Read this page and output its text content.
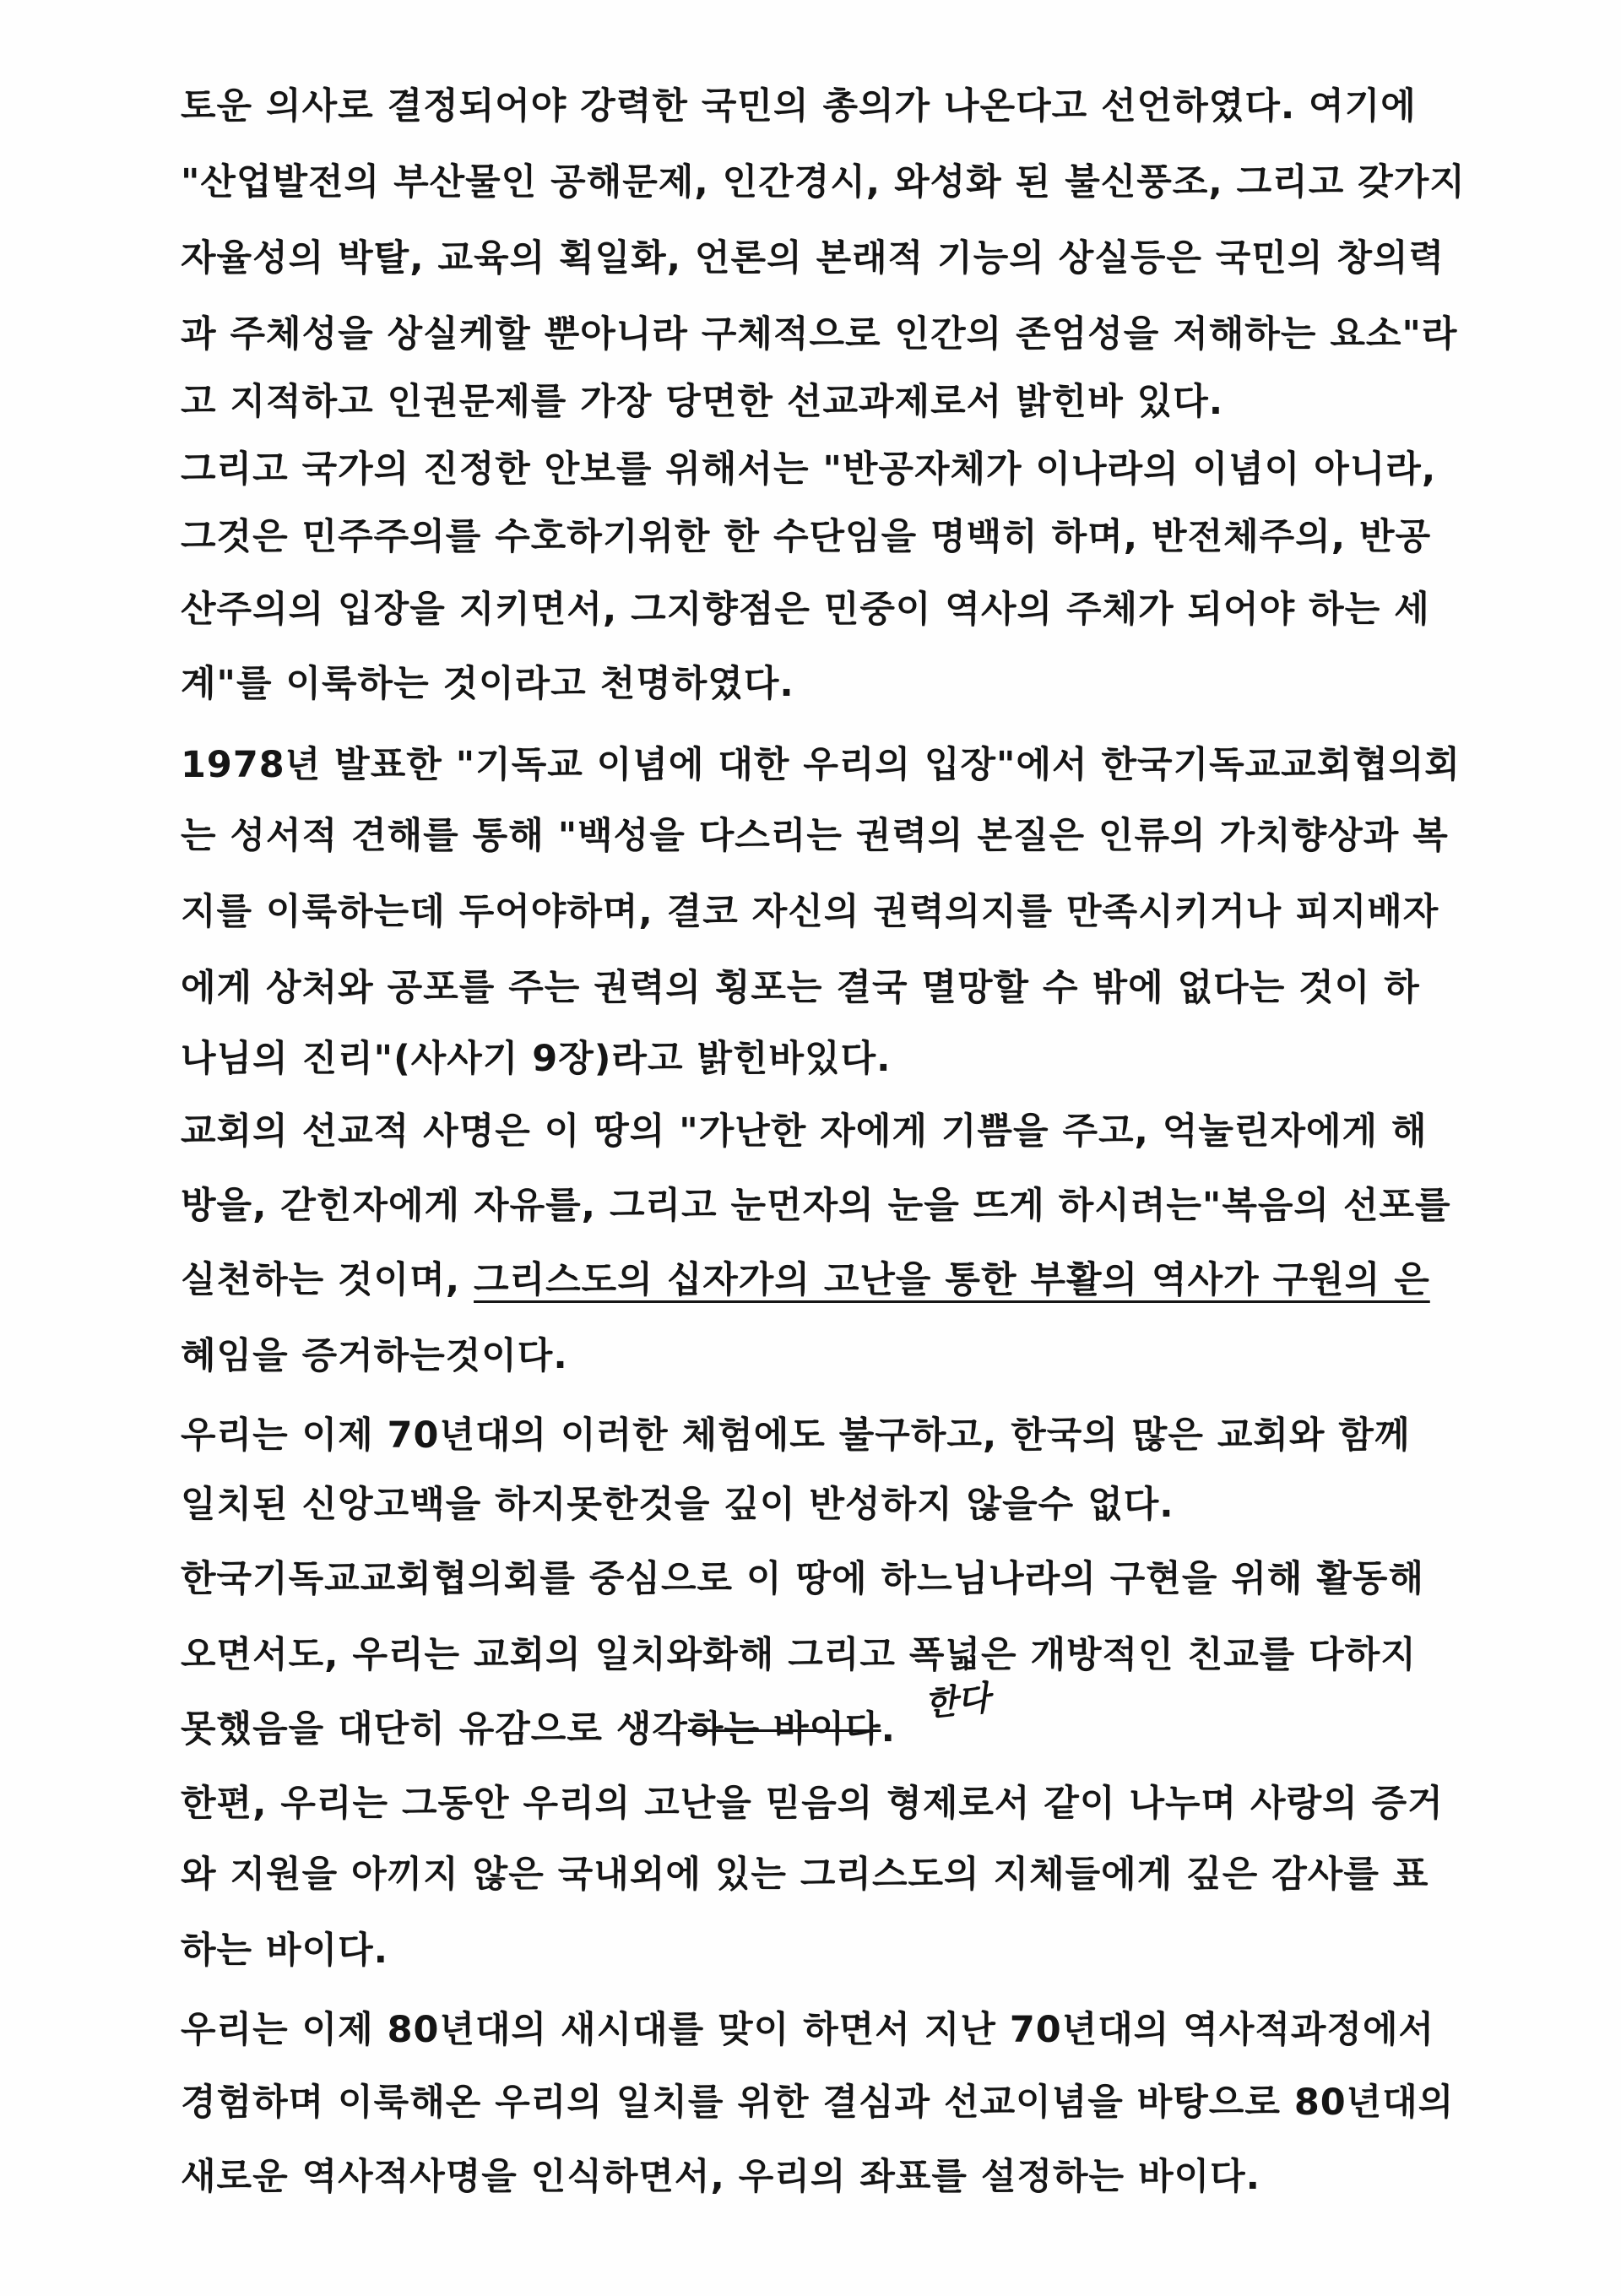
토운 의사로 결정되어야 강력한 국민의 총의가 나온다고 선언하였다. 여기에
"산업발전의 부산물인 공해문제, 인간경시, 와성화 된 불신풍조, 그리고 갖가지
자율성의 박탈, 교육의 획일화, 언론의 본래적 기능의 상실등은 국민의 창의력
과 주체성을 상실케할 뿐아니라 구체적으로 인간의 존엄성을 저해하는 요소"라
고 지적하고 인권문제를 가장 당면한 선교과제로서 밝힌바 있다.
그리고 국가의 진정한 안보를 위해서는 "반공자체가 이나라의 이념이 아니라,
그것은 민주주의를 수호하기위한 한 수단임을 명백히 하며, 반전체주의, 반공
산주의의 입장을 지키면서, 그지향점은 민중이 역사의 주체가 되어야 하는 세
계"를 이룩하는 것이라고 천명하였다.
1978년 발표한 "기독교 이념에 대한 우리의 입장"에서 한국기독교교회협의회
는 성서적 견해를 통해 "백성을 다스리는 권력의 본질은 인류의 가치향상과 복
지를 이룩하는데 두어야하며, 결코 자신의 권력의지를 만족시키거나 피지배자
에게 상처와 공포를 주는 권력의 횡포는 결국 멸망할 수 밖에 없다는 것이 하
나님의 진리"(사사기 9장)라고 밝힌바있다.
교회의 선교적 사명은 이 땅의 "가난한 자에게 기쁨을 주고, 억눌린자에게 해
방을, 갇힌자에게 자유를, 그리고 눈먼자의 눈을 뜨게 하시려는"복음의 선포를
실천하는 것이며, 그리스도의 십자가의 고난을 통한 부활의 역사가 구원의 은
혜임을 증거하는것이다.
우리는 이제 70년대의 이러한 체험에도 불구하고, 한국의 많은 교회와 함께
일치된 신앙고백을 하지못한것을 깊이 반성하지 않을수 없다.
한국기독교교회협의회를 중심으로 이 땅에 하느님나라의 구현을 위해 활동해
오면서도, 우리는 교회의 일치와화해 그리고 폭넓은 개방적인 친교를 다하지
못했음을 대단히 유감으로 생각하는 바이다.
한다
한편, 우리는 그동안 우리의 고난을 믿음의 형제로서 같이 나누며 사랑의 증거
와 지원을 아끼지 않은 국내외에 있는 그리스도의 지체들에게 깊은 감사를 표
하는 바이다.
우리는 이제 80년대의 새시대를 맞이 하면서 지난 70년대의 역사적과정에서
경험하며 이룩해온 우리의 일치를 위한 결심과 선교이념을 바탕으로 80년대의
새로운 역사적사명을 인식하면서, 우리의 좌표를 설정하는 바이다.
